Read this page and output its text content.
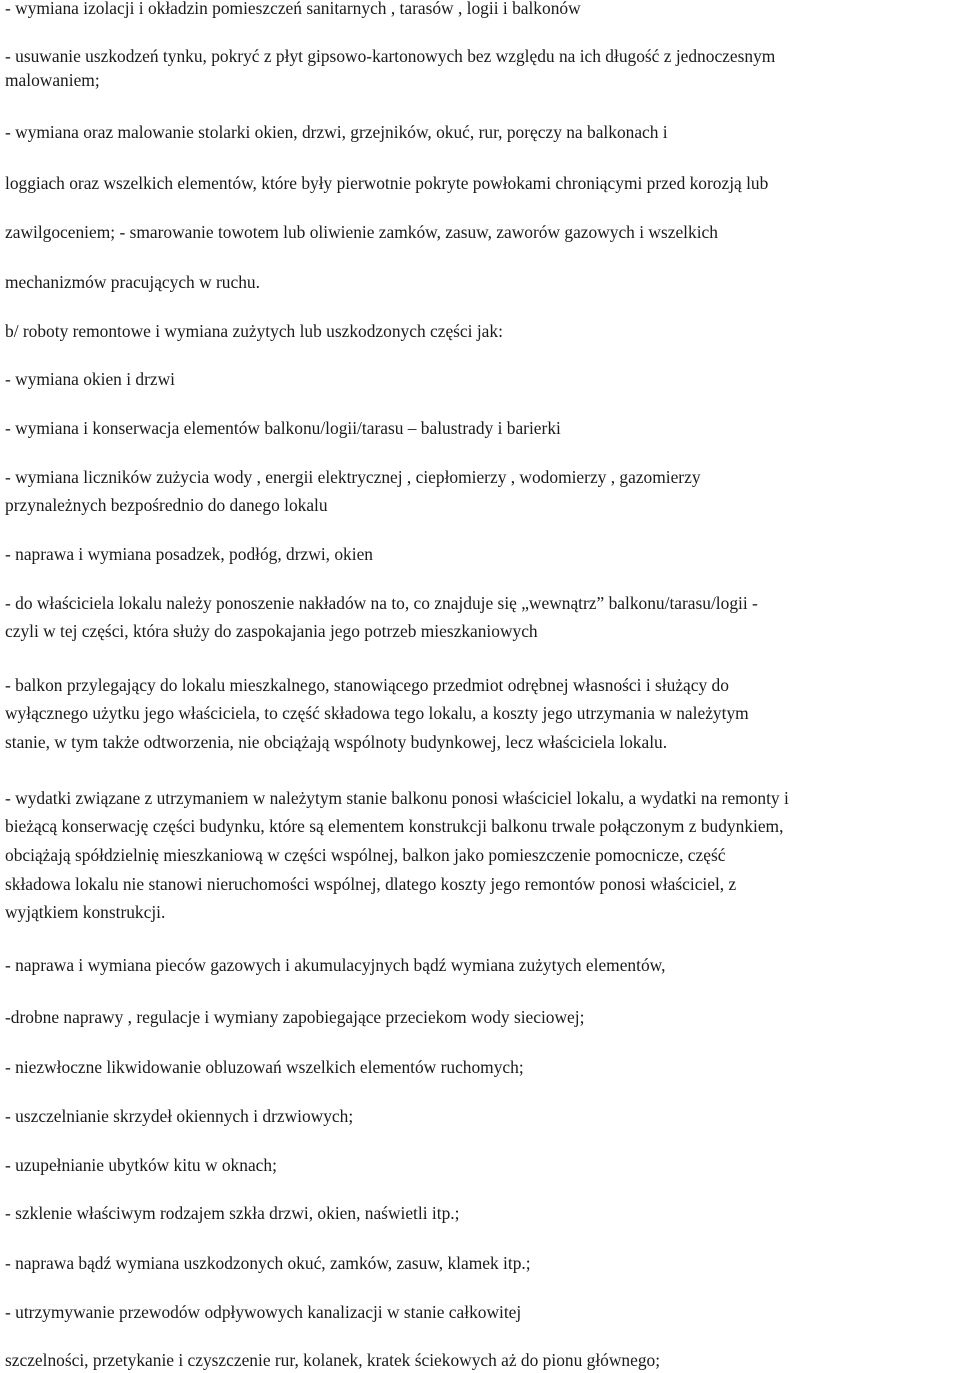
- wymiana izolacji i okładzin pomieszczeń sanitarnych , tarasów , logii i balkonów
- usuwanie uszkodzeń tynku, pokryć z płyt gipsowo-kartonowych bez względu na ich długość z jednoczesnym
malowaniem;
- wymiana oraz malowanie stolarki okien, drzwi, grzejników, okuć, rur, poręczy na balkonach i
loggiach oraz wszelkich elementów, które były pierwotnie pokryte powłokami chroniącymi przed korozją lub
zawilgoceniem; - smarowanie towotem lub oliwienie zamków, zasuw, zaworów gazowych i wszelkich
mechanizmów pracujących w ruchu.
b/ roboty remontowe i wymiana zużytych lub uszkodzonych części jak:
- wymiana okien i drzwi
- wymiana i konserwacja elementów balkonu/logii/tarasu – balustrady i barierki
- wymiana liczników zużycia wody , energii elektrycznej , ciepłomierzy , wodomierzy , gazomierzy
przynależnych bezpośrednio do danego lokalu
- naprawa i wymiana posadzek, podłóg, drzwi, okien
- do właściciela lokalu należy ponoszenie nakładów na to, co znajduje się „wewnątrz” balkonu/tarasu/logii -
czyli w tej części, która służy do zaspokajania jego potrzeb mieszkaniowych
- balkon przylegający do lokalu mieszkalnego, stanowiącego przedmiot odrębnej własności i służący do
wyłącznego użytku jego właściciela, to część składowa tego lokalu, a koszty jego utrzymania w należytym
stanie, w tym także odtworzenia, nie obciążają wspólnoty budynkowej, lecz właściciela lokalu.
- wydatki związane z utrzymaniem w należytym stanie balkonu ponosi właściciel lokalu, a wydatki na remonty i
bieżącą konserwację części budynku, które są elementem konstrukcji balkonu trwale połączonym z budynkiem,
obciążają spółdzielnię mieszkaniową w części wspólnej, balkon jako pomieszczenie pomocnicze, część
składowa lokalu nie stanowi nieruchomości wspólnej, dlatego koszty jego remontów ponosi właściciel, z
wyjątkiem konstrukcji.
- naprawa i wymiana pieców gazowych i akumulacyjnych bądź wymiana zużytych elementów,
-drobne naprawy , regulacje i wymiany zapobiegające przeciekom wody sieciowej;
- niezwłoczne likwidowanie obluzowań wszelkich elementów ruchomych;
- uszczelnianie skrzydeł okiennych i drzwiowych;
- uzupełnianie ubytków kitu w oknach;
- szklenie właściwym rodzajem szkła drzwi, okien, naświetli itp.;
- naprawa bądź wymiana uszkodzonych okuć, zamków, zasuw, klamek itp.;
- utrzymywanie przewodów odpływowych kanalizacji w stanie całkowitej
szczelności, przetykanie i czyszczenie rur, kolanek, kratek ściekowych aż do pionu głównego;
